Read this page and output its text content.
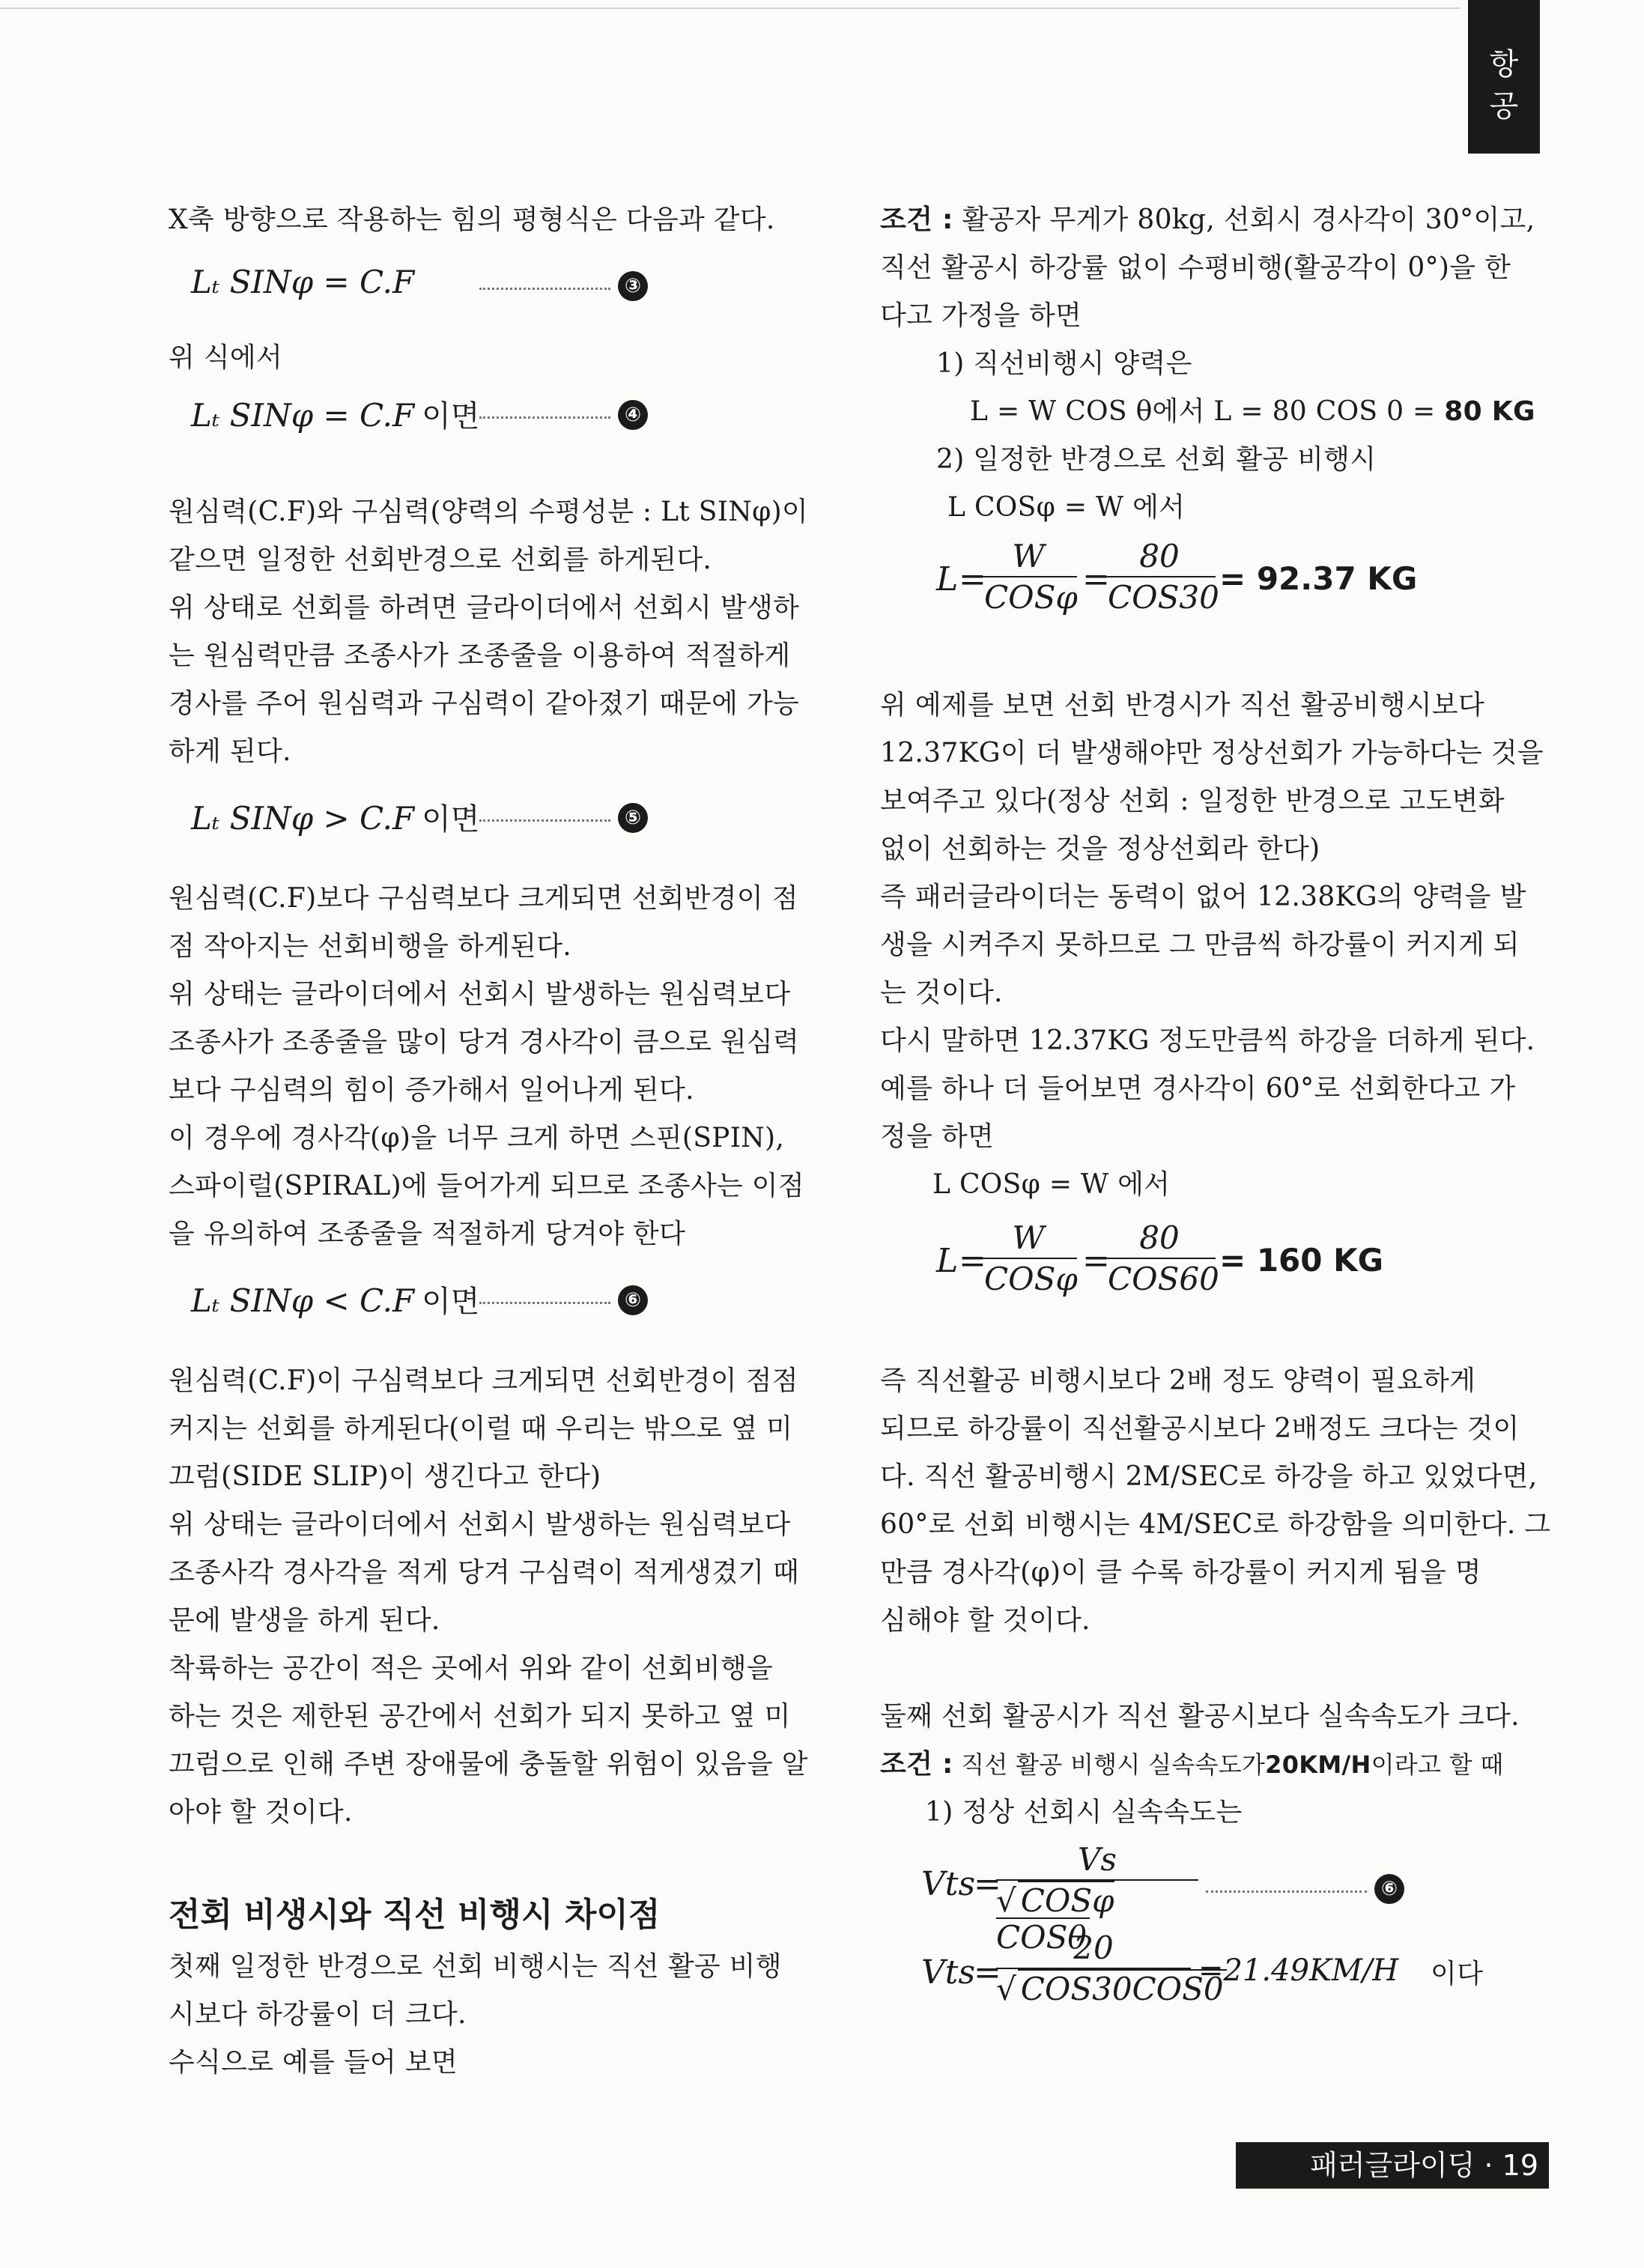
항
공
X축 방향으로 작용하는 힘의 평형식은 다음과 같다.
Lₜ SINφ = C.F	③
위 식에서
Lₜ SINφ = C.F 이면	④
원심력(C.F)와 구심력(양력의 수평성분 : Lt SINφ)이
같으면 일정한 선회반경으로 선회를 하게된다.
위 상태로 선회를 하려면 글라이더에서 선회시 발생하
는 원심력만큼 조종사가 조종줄을 이용하여 적절하게
경사를 주어 원심력과 구심력이 같아졌기 때문에 가능
하게 된다.
Lₜ SINφ > C.F 이면	⑤
원심력(C.F)보다 구심력보다 크게되면 선회반경이 점
점 작아지는 선회비행을 하게된다.
위 상태는 글라이더에서 선회시 발생하는 원심력보다
조종사가 조종줄을 많이 당겨 경사각이 큼으로 원심력
보다 구심력의 힘이 증가해서 일어나게 된다.
이 경우에 경사각(φ)을 너무 크게 하면 스핀(SPIN),
스파이럴(SPIRAL)에 들어가게 되므로 조종사는 이점
을 유의하여 조종줄을 적절하게 당겨야 한다
Lₜ SINφ < C.F 이면	⑥
원심력(C.F)이 구심력보다 크게되면 선회반경이 점점
커지는 선회를 하게된다(이럴 때 우리는 밖으로 옆 미
끄럼(SIDE SLIP)이 생긴다고 한다)
위 상태는 글라이더에서 선회시 발생하는 원심력보다
조종사각 경사각을 적게 당겨 구심력이 적게생겼기 때
문에 발생을 하게 된다.
착륙하는 공간이 적은 곳에서 위와 같이 선회비행을
하는 것은 제한된 공간에서 선회가 되지 못하고 옆 미
끄럼으로 인해 주변 장애물에 충돌할 위험이 있음을 알
아야 할 것이다.
전회 비생시와 직선 비행시 차이점
첫째 일정한 반경으로 선회 비행시는 직선 활공 비행
시보다 하강률이 더 크다.
수식으로 예를 들어 보면
조건 : 활공자 무게가 80kg, 선회시 경사각이 30°이고,
직선 활공시 하강률 없이 수평비행(활공각이 0°)을 한
다고 가정을 하면
1) 직선비행시 양력은
L = W COS θ에서 L = 80 COS 0 = 80 KG
2) 일정한 반경으로 선회 활공 비행시
L COSφ = W 에서
L =
W
COSφ =
80
COS30
= 92.37 KG
위 예제를 보면 선회 반경시가 직선 활공비행시보다
12.37KG이 더 발생해야만 정상선회가 가능하다는 것을
보여주고 있다(정상 선회 : 일정한 반경으로 고도변화
없이 선회하는 것을 정상선회라 한다)
즉 패러글라이더는 동력이 없어 12.38KG의 양력을 발
생을 시켜주지 못하므로 그 만큼씩 하강률이 커지게 되
는 것이다.
다시 말하면 12.37KG 정도만큼씩 하강을 더하게 된다.
예를 하나 더 들어보면 경사각이 60°로 선회한다고 가
정을 하면
L COSφ = W 에서
L =
W
COSφ =
80
COS60
= 160 KG
즉 직선활공 비행시보다 2배 정도 양력이 필요하게
되므로 하강률이 직선활공시보다 2배정도 크다는 것이
다. 직선 활공비행시 2M/SEC로 하강을 하고 있었다면,
60°로 선회 비행시는 4M/SEC로 하강함을 의미한다. 그
만큼 경사각(φ)이 클 수록 하강률이 커지게 됨을 명
심해야 할 것이다.
둘째 선회 활공시가 직선 활공시보다 실속속도가 크다.
조건 : 직선 활공 비행시 실속속도가20KM/H이라고 할 때
1) 정상 선회시 실속속도는
Vts
=
Vs
√ COSφ COSθ
⑥
Vts
=
20
√ COS30COS0
=21.49KM/H 이다
패러글라이딩 · 19
